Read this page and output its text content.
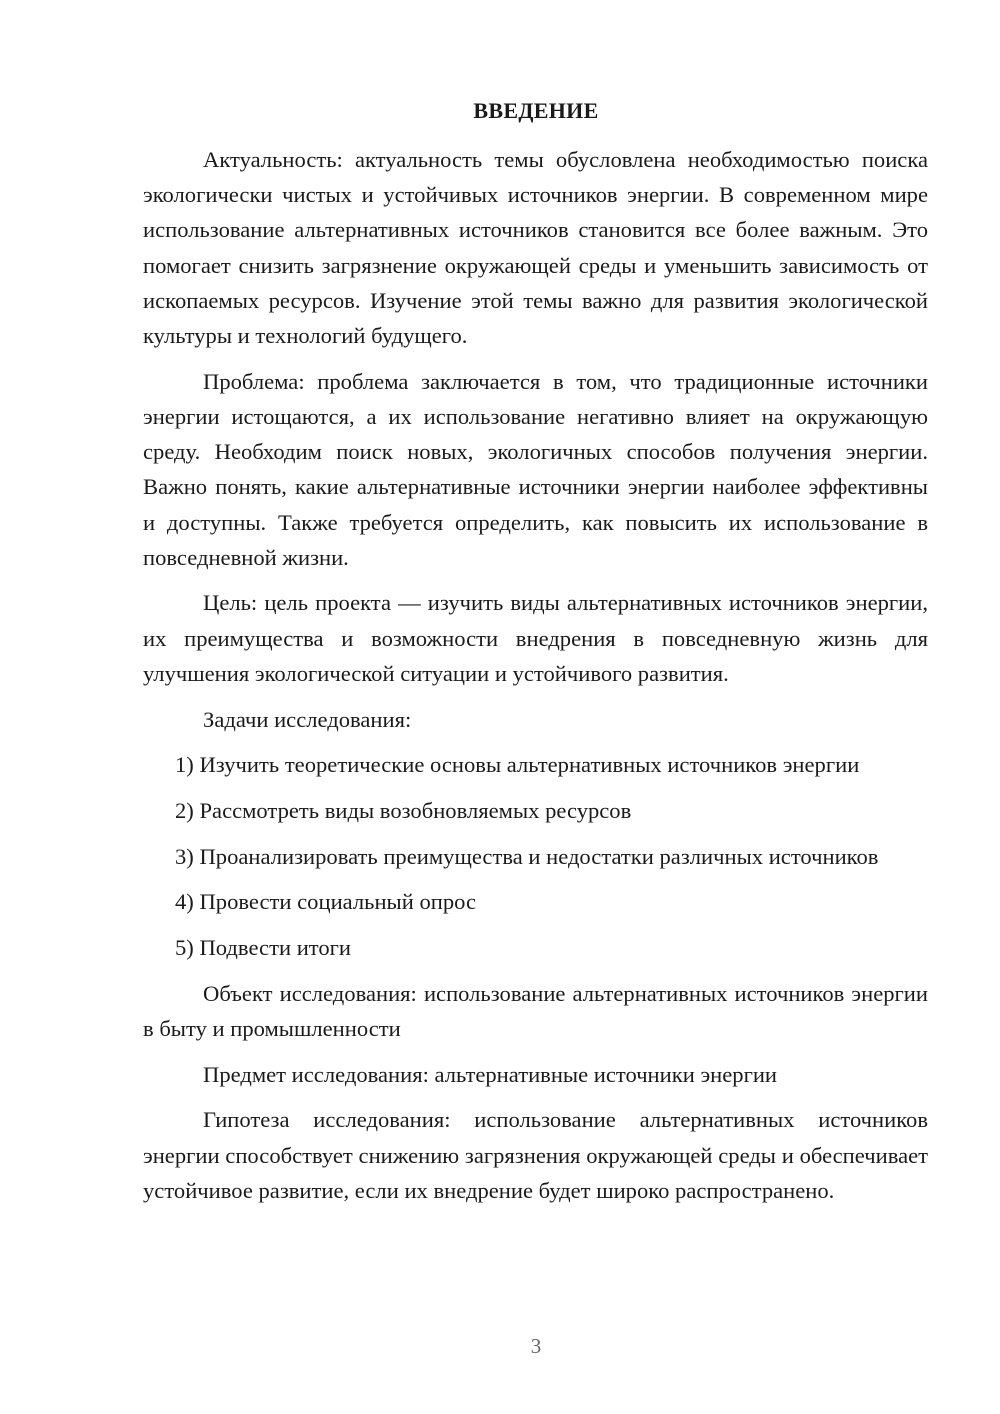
ВВЕДЕНИЕ

Актуальность: актуальность темы обусловлена необходимостью поиска экологически чистых и устойчивых источников энергии. В современном мире использование альтернативных источников становится все более важным. Это помогает снизить загрязнение окружающей среды и уменьшить зависимость от ископаемых ресурсов. Изучение этой темы важно для развития экологической культуры и технологий будущего.

Проблема: проблема заключается в том, что традиционные источники энергии истощаются, а их использование негативно влияет на окружающую среду. Необходим поиск новых, экологичных способов получения энергии. Важно понять, какие альтернативные источники энергии наиболее эффективны и доступны. Также требуется определить, как повысить их использование в повседневной жизни.

Цель: цель проекта — изучить виды альтернативных источников энергии, их преимущества и возможности внедрения в повседневную жизнь для улучшения экологической ситуации и устойчивого развития.

Задачи исследования:

1) Изучить теоретические основы альтернативных источников энергии

2) Рассмотреть виды возобновляемых ресурсов

3) Проанализировать преимущества и недостатки различных источников

4) Провести социальный опрос

5) Подвести итоги

Объект исследования: использование альтернативных источников энергии в быту и промышленности

Предмет исследования: альтернативные источники энергии

Гипотеза исследования: использование альтернативных источников энергии способствует снижению загрязнения окружающей среды и обеспечивает устойчивое развитие, если их внедрение будет широко распространено.

3
